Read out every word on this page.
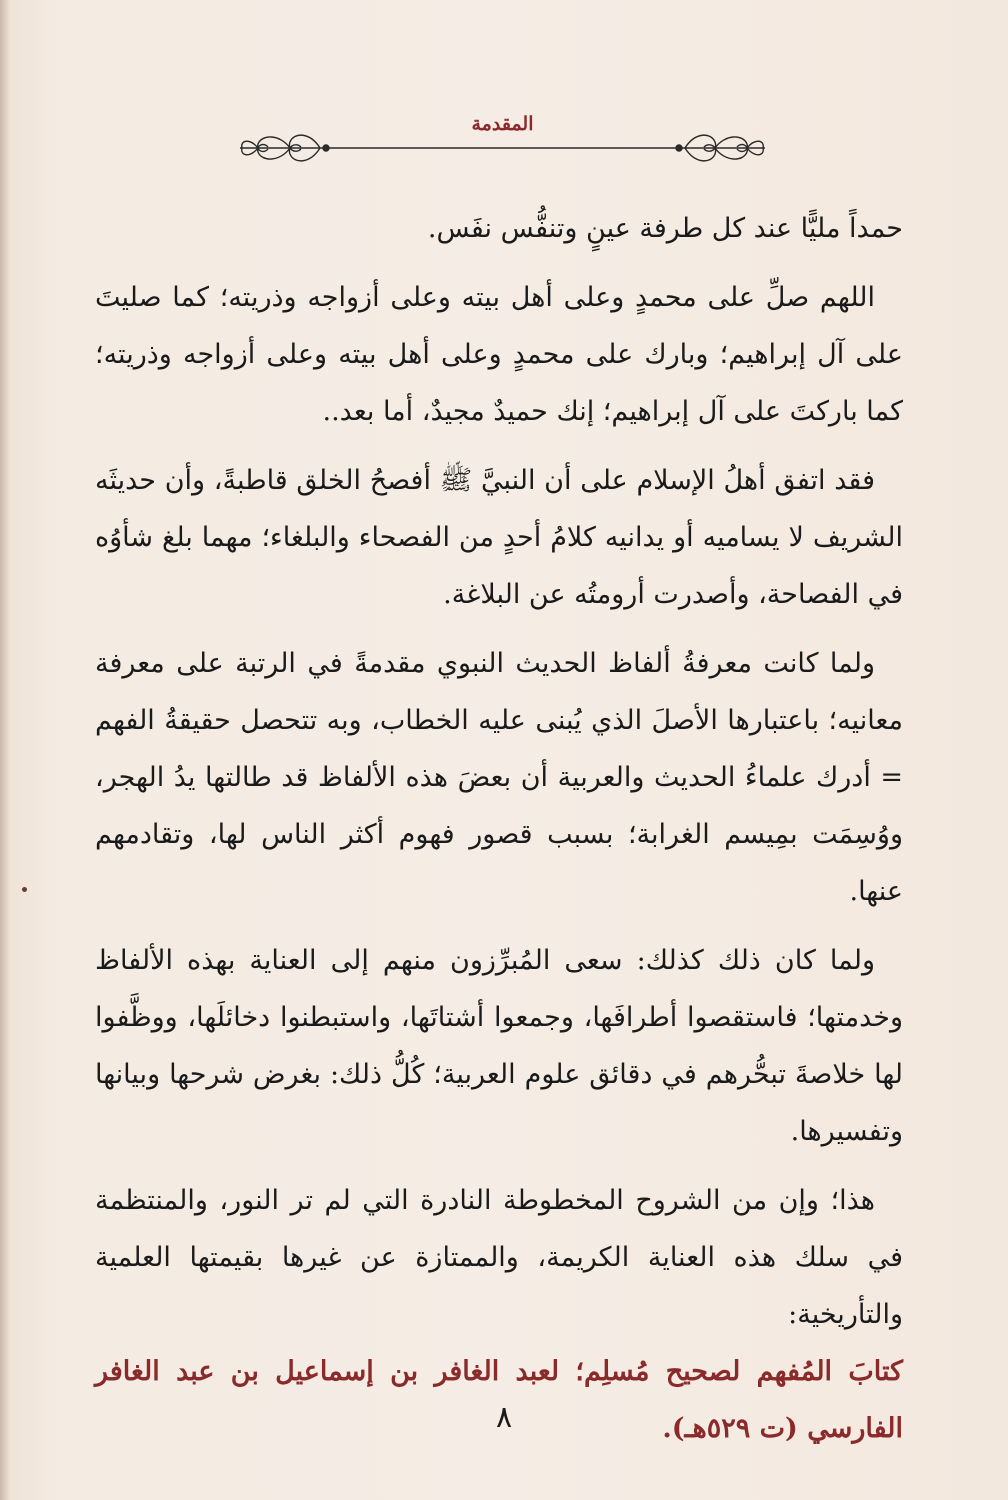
المقدمة

حمداً مليًّا عند كل طرفة عينٍ وتنفُّس نفَس.

اللهم صلِّ على محمدٍ وعلى أهل بيته وعلى أزواجه وذريته؛ كما صليتَ على آل إبراهيم؛ وبارك على محمدٍ وعلى أهل بيته وعلى أزواجه وذريته؛ كما باركتَ على آل إبراهيم؛ إنك حميدٌ مجيدٌ، أما بعد..

فقد اتفق أهلُ الإسلام على أن النبيَّ ﷺ أفصحُ الخلق قاطبةً، وأن حديثَه الشريف لا يساميه أو يدانيه كلامُ أحدٍ من الفصحاء والبلغاء؛ مهما بلغ شأوُه في الفصاحة، وأصدرت أرومتُه عن البلاغة.

ولما كانت معرفةُ ألفاظ الحديث النبوي مقدمةً في الرتبة على معرفة معانيه؛ باعتبارها الأصلَ الذي يُبنى عليه الخطاب، وبه تتحصل حقيقةُ الفهم = أدرك علماءُ الحديث والعربية أن بعضَ هذه الألفاظ قد طالتها يدُ الهجر، ووُسِمَت بمِيسم الغرابة؛ بسبب قصور فهوم أكثر الناس لها، وتقادمهم عنها.

ولما كان ذلك كذلك: سعى المُبرِّزون منهم إلى العناية بهذه الألفاظ وخدمتها؛ فاستقصوا أطرافَها، وجمعوا أشتاتَها، واستبطنوا دخائلَها، ووظَّفوا لها خلاصةَ تبحُّرهم في دقائق علوم العربية؛ كُلُّ ذلك: بغرض شرحها وبيانها وتفسيرها.

هذا؛ وإن من الشروح المخطوطة النادرة التي لم تر النور، والمنتظمة في سلك هذه العناية الكريمة، والممتازة عن غيرها بقيمتها العلمية والتأريخية:

كتابَ المُفهم لصحيح مُسلِم؛ لعبد الغافر بن إسماعيل بن عبد الغافر الفارسي (ت ٥٢٩هـ).

٨
